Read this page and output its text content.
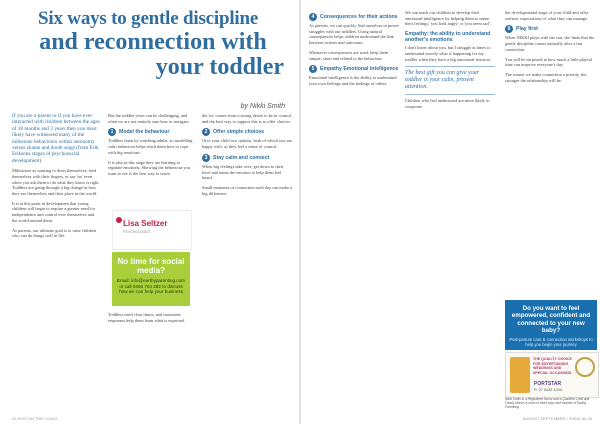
Six ways to gentle discipline
and reconnection with
your toddler
by Nikki Smith

If you are a parent or if you have ever interacted with children between the ages of 18 months and 3 years then you most likely have witnessed many of the milestone behaviours within autonomy versus shame and doubt stage (from Erik Eriksons stages of psychosocial development).

Milestones as wanting to dress themselves, feed themselves with their fingers, or say 'no' even when you ask them to do what they know is right. Toddlers are going through a big change in how they see themselves and their place in the world.

It is at this point in development that young children will begin to require a greater need for independence and control over themselves and the world around them.

As parents, our ultimate goal is to raise children who can do things well in life.

But the toddler years can be challenging, and often we are not entirely sure how to navigate.

1	Model the behaviour

Toddlers learn by watching adults, so modelling calm behaviour helps teach them how to cope with big emotions.

It is also in this stage they are learning to regulate emotions. Showing the behaviour you want to see is the best way to teach.

Lisa Seltzer
PSYCHOLOGIST
No time for social media?
Email: info@earthyparenting.com or call 0466 704 282 to discuss how we can help your business

Toddlers need clear limits, and consistent responses help them learn what is expected.

the 'no' comes from a strong desire to be in control, and the best way to support this is to offer choices.

2	Offer simple choices

Give your child two options, both of which you are happy with, so they feel a sense of control.

3	Stay calm and connect

When big feelings take over, get down to their level and name the emotion to help them feel heard.

Small moments of connection each day can make a big difference.

32 KIDS ON THE COAST
4	Consequences for their actions

As parents, we can quickly find ourselves in power struggles with our toddlers. Using natural consequences helps children understand the link between actions and outcomes.

Whenever consequences are used, keep them simple, short and related to the behaviour.

5	Empathy Emotional intelligence

Emotional intelligence is the ability to understand your own feelings and the feelings of others.

We can teach our children to develop their emotional intelligence by helping them to name their feelings, 'you look angry' or 'you seem sad'.

Empathy: the ability to understand another's emotions

I don't know about you, but I struggle at times to understand exactly what is happening for my toddler when they have a big emotional reaction.

The best gift you can give your toddler is your calm, present attention.

Children who feel understood are more likely to cooperate.

the developmental stage of your child and offer realistic expectations of what they can manage.

6	Play first

When NIKKI plays with her son, she finds that the gentle discipline comes naturally after a fun connection.

You will be surprised at how much a little playful time can improve everyone's day.

The sooner we make connection a priority, the stronger the relationship will be.

Do you want to feel empowered, confident and connected to your new baby?
Post-partum care & connection workshops to help you begin your journey
THE QUALITY CHOICE FOR ENTERTAINING WEDDINGS AND SPECIAL OCCASIONS
PORTSTAR
P: 07 5428 1344
Nikki Smith is a Registered Nurse and a Qualified Child and Family Nurse. A mum of three boys and founder of Earthy Parenting.
AUGUST-SEPTEMBER • ISSUE 96 33
